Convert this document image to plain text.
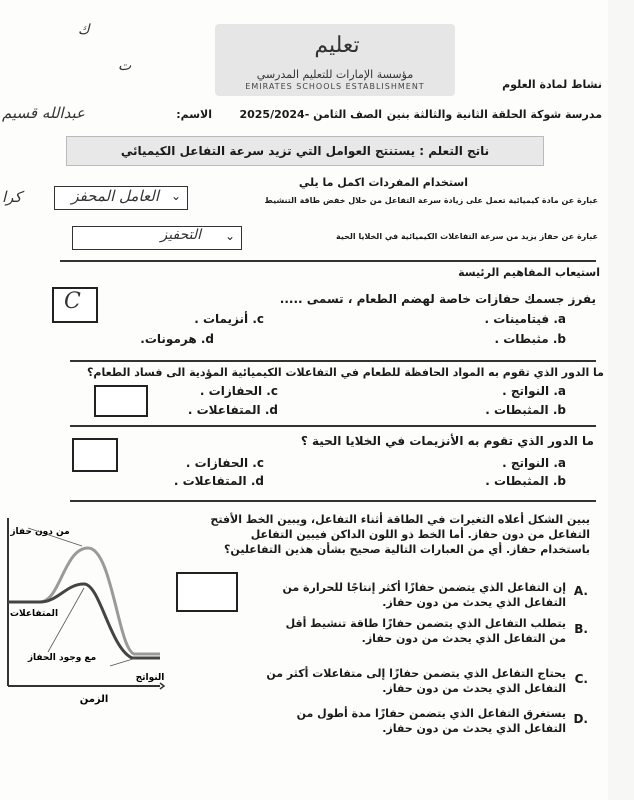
ك
ت
تعليم
مؤسسة الإمارات للتعليم المدرسي
EMIRATES SCHOOLS ESTABLISHMENT	نشاط لمادة العلوم
مدرسة شوكة الحلقة الثانية والثالثة بنين
الصف الثامن -2025/2024
الاسم:
عبدالله قسيم
ناتج التعلم : يستنتج العوامل التي تزيد سرعة التفاعل الكيميائي
استخدام المفردات اكمل ما يلي
عبارة عن مادة كيميائية تعمل على زيادة سرعة التفاعل من خلال خفض طاقة التنشيط
العامل المحفز ⌄
كرا
عبارة عن حفاز يزيد من سرعة التفاعلات الكيميائية في الخلايا الحية
التحفيز ⌄
استيعاب المفاهيم الرئيسة
يفرز جسمك حفازات خاصة لهضم الطعام ، تسمى .....
C
a. فيتامينات .
c. أنزيمات .
b. مثبطات .
d. هرمونات.
ما الدور الذي تقوم به المواد الحافظة للطعام في التفاعلات الكيميائية المؤدية الى فساد الطعام؟
a. النواتج .
c. الحفازات .
b. المثبطات .
d. المتفاعلات .
ما الدور الذي تقوم به الأنزيمات في الخلايا الحية ؟
a. النواتج .
c. الحفازات .
b. المثبطات .
d. المتفاعلات .
من دون حفاز
المتفاعلات
مع وجود الحفاز
النواتج
الزمن
يبين الشكل أعلاه التغيرات في الطاقة أثناء التفاعل، ويبين الخط الأفتح التفاعل من دون حفاز. أما الخط ذو اللون الداكن فيبين التفاعل باستخدام حفاز. أي من العبارات التالية صحيح بشأن هذين التفاعلين؟
A.
إن التفاعل الذي يتضمن حفازًا أكثر إنتاجًا للحرارة من التفاعل الذي يحدث من دون حفاز.
B.
يتطلب التفاعل الذي يتضمن حفازًا طاقة تنشيط أقل من التفاعل الذي يحدث من دون حفاز.
C.
يحتاج التفاعل الذي يتضمن حفازًا إلى متفاعلات أكثر من التفاعل الذي يحدث من دون حفاز.
D.
يستغرق التفاعل الذي يتضمن حفازًا مدة أطول من التفاعل الذي يحدث من دون حفاز.
